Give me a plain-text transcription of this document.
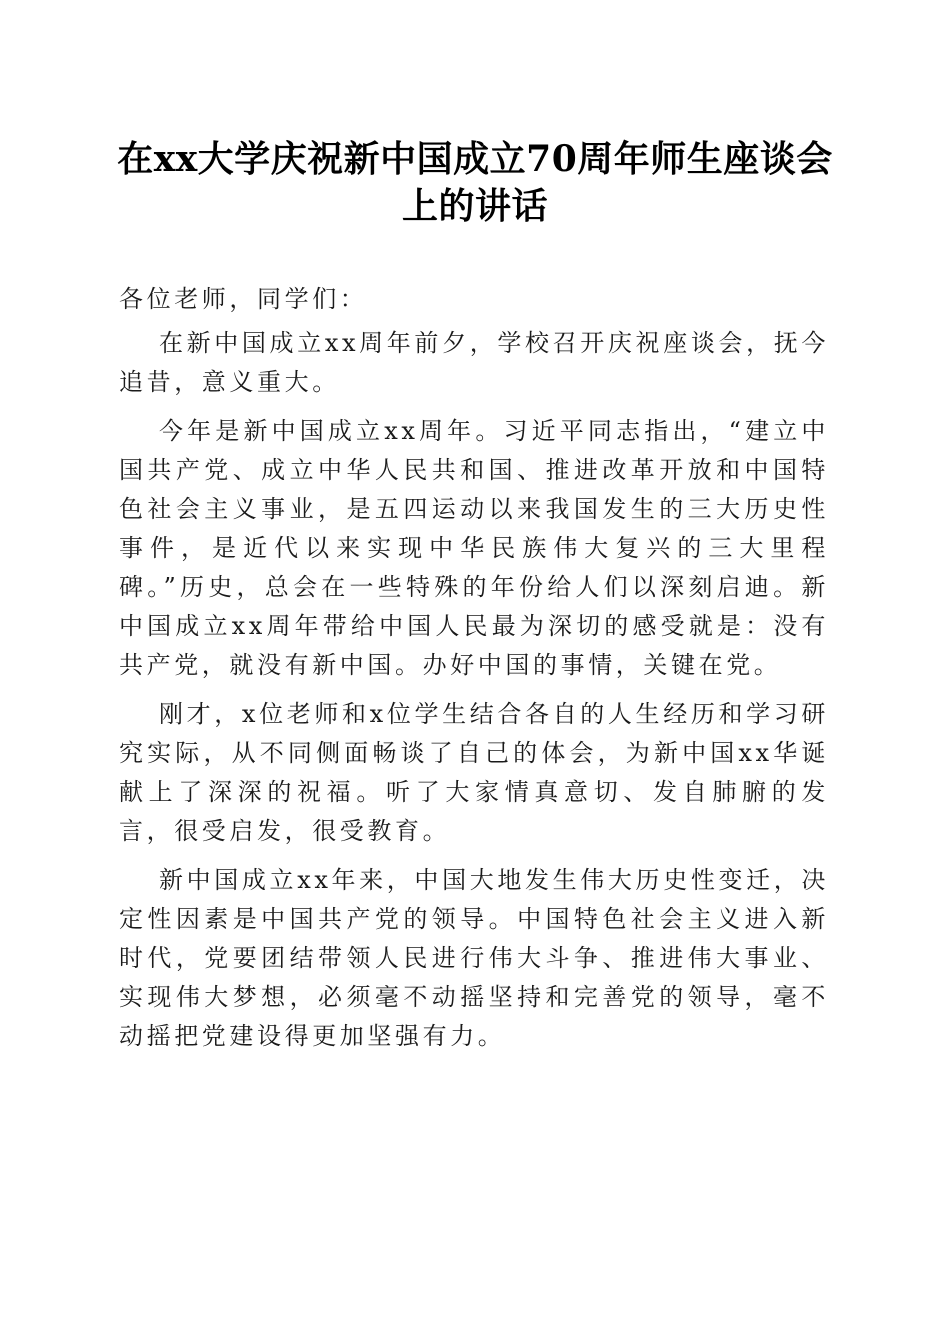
在xx大学庆祝新中国成立70周年师生座谈会上的讲话

各位老师，同学们：

在新中国成立xx周年前夕，学校召开庆祝座谈会，抚今追昔，意义重大。

今年是新中国成立xx周年。习近平同志指出，“建立中国共产党、成立中华人民共和国、推进改革开放和中国特色社会主义事业，是五四运动以来我国发生的三大历史性事件，是近代以来实现中华民族伟大复兴的三大里程碑。”历史，总会在一些特殊的年份给人们以深刻启迪。新中国成立xx周年带给中国人民最为深切的感受就是：没有共产党，就没有新中国。办好中国的事情，关键在党。

刚才，x位老师和x位学生结合各自的人生经历和学习研究实际，从不同侧面畅谈了自己的体会，为新中国xx华诞献上了深深的祝福。听了大家情真意切、发自肺腑的发言，很受启发，很受教育。

新中国成立xx年来，中国大地发生伟大历史性变迁，决定性因素是中国共产党的领导。中国特色社会主义进入新时代，党要团结带领人民进行伟大斗争、推进伟大事业、实现伟大梦想，必须毫不动摇坚持和完善党的领导，毫不动摇把党建设得更加坚强有力。
